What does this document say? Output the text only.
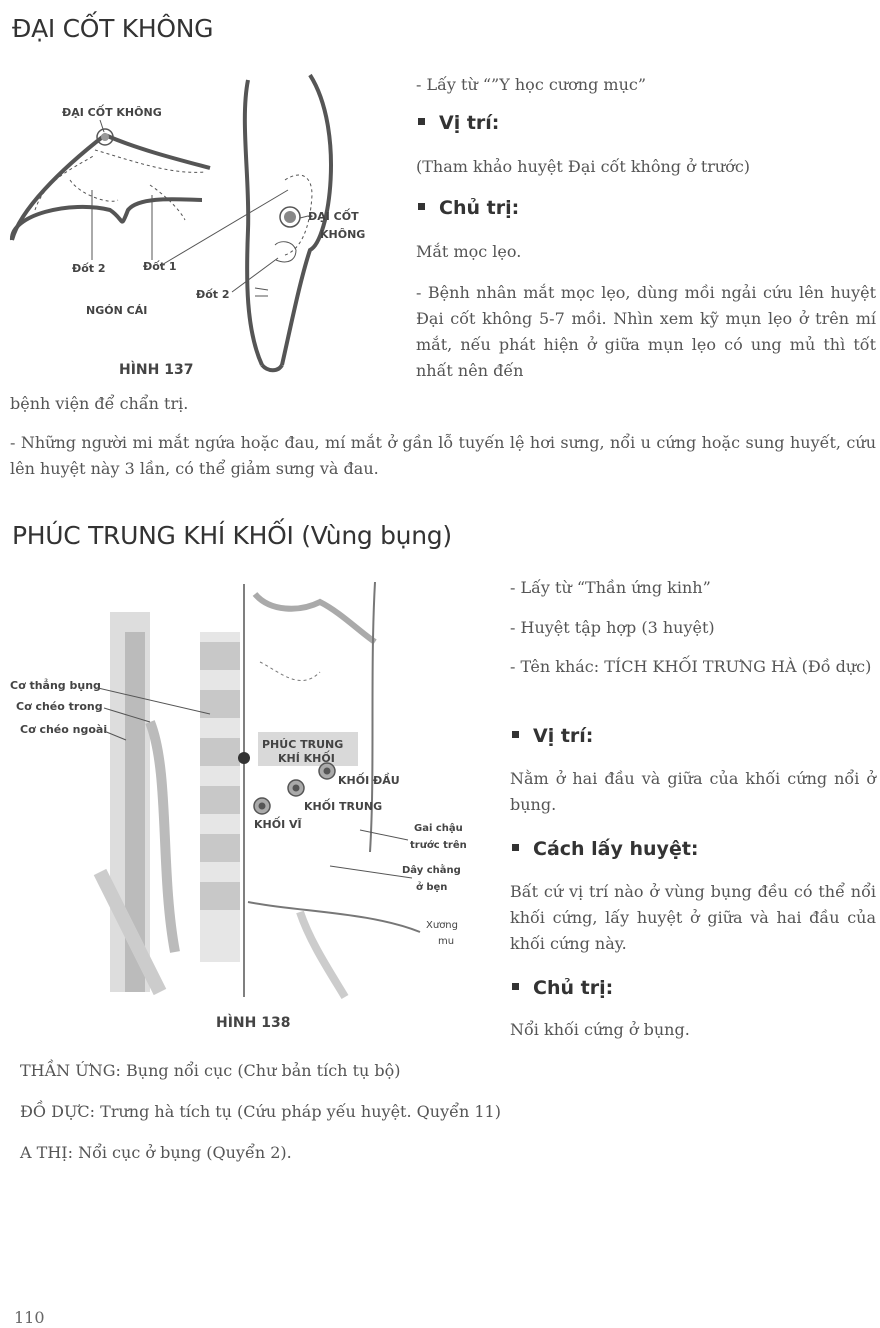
ĐẠI CỐT KHÔNG
ĐẠI CỐT KHÔNG
Đốt 2	Đốt 1
NGÓN CÁI
ĐẠI CỐT
KHÔNG
Đốt 2
HÌNH 137

- Lấy từ “”Y học cương mục”

Vị trí:

(Tham khảo huyệt Đại cốt không ở trước)

Chủ trị:

Mắt mọc lẹo.

- Bệnh nhân mắt mọc lẹo, dùng mồi ngải cứu lên huyệt Đại cốt không 5-7 mồi. Nhìn xem kỹ mụn lẹo ở trên mí mắt, nếu phát hiện ở giữa mụn lẹo có ung mủ thì tốt nhất nên đến

bệnh viện để chẩn trị.

- Những người mi mắt ngứa hoặc đau, mí mắt ở gần lỗ tuyến lệ hơi sưng, nổi u cứng hoặc sung huyết, cứu lên huyệt này 3 lần, có thể giảm sưng và đau.

PHÚC TRUNG KHÍ KHỐI (Vùng bụng)
PHÚC TRUNG
KHÍ KHỐI
KHỐI ĐẦU
KHỐI TRUNG
KHỐI VĨ
Cơ thẳng bụng
Cơ chéo trong
Cơ chéo ngoài
Gai chậu
trước trên
Dây chằng
ở bẹn
Xương
mu
HÌNH 138

- Lấy từ “Thần ứng kinh”

- Huyệt tập hợp (3 huyệt)

- Tên khác: TÍCH KHỐI TRƯNG HÀ (Đồ dực)

Vị trí:

Nằm ở hai đầu và giữa của khối cứng nổi ở bụng.

Cách lấy huyệt:

Bất cứ vị trí nào ở vùng bụng đều có thể nổi khối cứng, lấy huyệt ở giữa và hai đầu của khối cứng này.

Chủ trị:

Nổi khối cứng ở bụng.

THẦN ỨNG: Bụng nổi cục (Chư bản tích tụ bộ)

ĐỒ DỰC: Trưng hà tích tụ (Cứu pháp yếu huyệt. Quyển 11)

A THỊ: Nổi cục ở bụng (Quyển 2).

110
